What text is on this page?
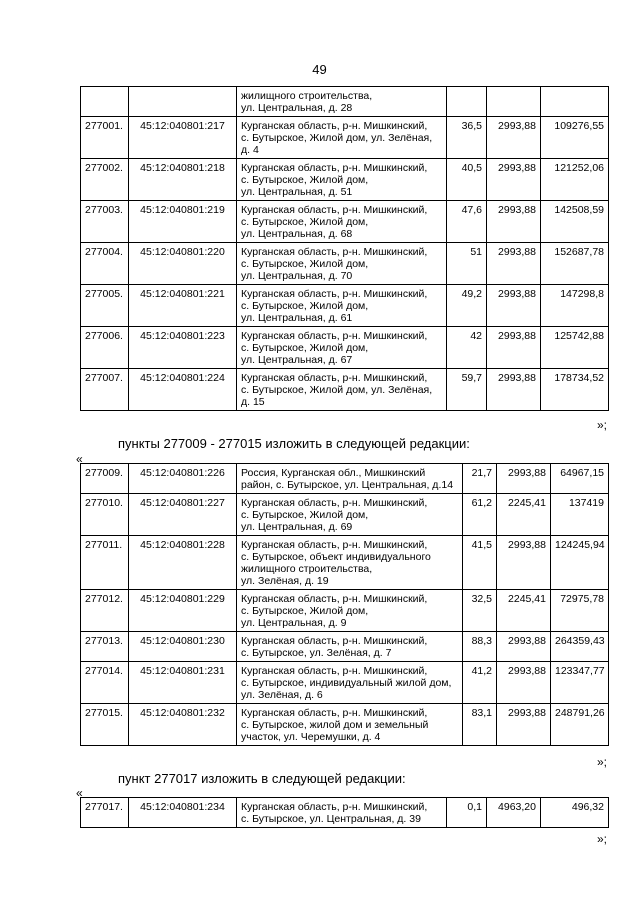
49
		жилищного строительства,
ул. Центральная, д. 28			
277001.	45:12:040801:217	Курганская область, р-н. Мишкинский,
с. Бутырское, Жилой дом, ул. Зелёная,
д. 4	36,5	2993,88	109276,55
277002.	45:12:040801:218	Курганская область, р-н. Мишкинский,
с. Бутырское, Жилой дом,
ул. Центральная, д. 51	40,5	2993,88	121252,06
277003.	45:12:040801:219	Курганская область, р-н. Мишкинский,
с. Бутырское, Жилой дом,
ул. Центральная, д. 68	47,6	2993,88	142508,59
277004.	45:12:040801:220	Курганская область, р-н. Мишкинский,
с. Бутырское, Жилой дом,
ул. Центральная, д. 70	51	2993,88	152687,78
277005.	45:12:040801:221	Курганская область, р-н. Мишкинский,
с. Бутырское, Жилой дом,
ул. Центральная, д. 61	49,2	2993,88	147298,8
277006.	45:12:040801:223	Курганская область, р-н. Мишкинский,
с. Бутырское, Жилой дом,
ул. Центральная, д. 67	42	2993,88	125742,88
277007.	45:12:040801:224	Курганская область, р-н. Мишкинский,
с. Бутырское, Жилой дом, ул. Зелёная,
д. 15	59,7	2993,88	178734,52
»;
пункты 277009 - 277015 изложить в следующей редакции:
«
277009.	45:12:040801:226	Россия, Курганская обл., Мишкинский
район, с. Бутырское, ул. Центральная, д.14	21,7	2993,88	64967,15
277010.	45:12:040801:227	Курганская область, р-н. Мишкинский,
с. Бутырское, Жилой дом,
ул. Центральная, д. 69	61,2	2245,41	137419
277011.	45:12:040801:228	Курганская область, р-н. Мишкинский,
с. Бутырское, объект индивидуального
жилищного строительства,
ул. Зелёная, д. 19	41,5	2993,88	124245,94
277012.	45:12:040801:229	Курганская область, р-н. Мишкинский,
с. Бутырское, Жилой дом,
ул. Центральная, д. 9	32,5	2245,41	72975,78
277013.	45:12:040801:230	Курганская область, р-н. Мишкинский,
с. Бутырское, ул. Зелёная, д. 7	88,3	2993,88	264359,43
277014.	45:12:040801:231	Курганская область, р-н. Мишкинский,
с. Бутырское, индивидуальный жилой дом,
ул. Зелёная, д. 6	41,2	2993,88	123347,77
277015.	45:12:040801:232	Курганская область, р-н. Мишкинский,
с. Бутырское, жилой дом и земельный
участок, ул. Черемушки, д. 4	83,1	2993,88	248791,26
»;
пункт 277017 изложить в следующей редакции:
«
277017.	45:12:040801:234	Курганская область, р-н. Мишкинский,
с. Бутырское, ул. Центральная, д. 39	0,1	4963,20	496,32
»;
